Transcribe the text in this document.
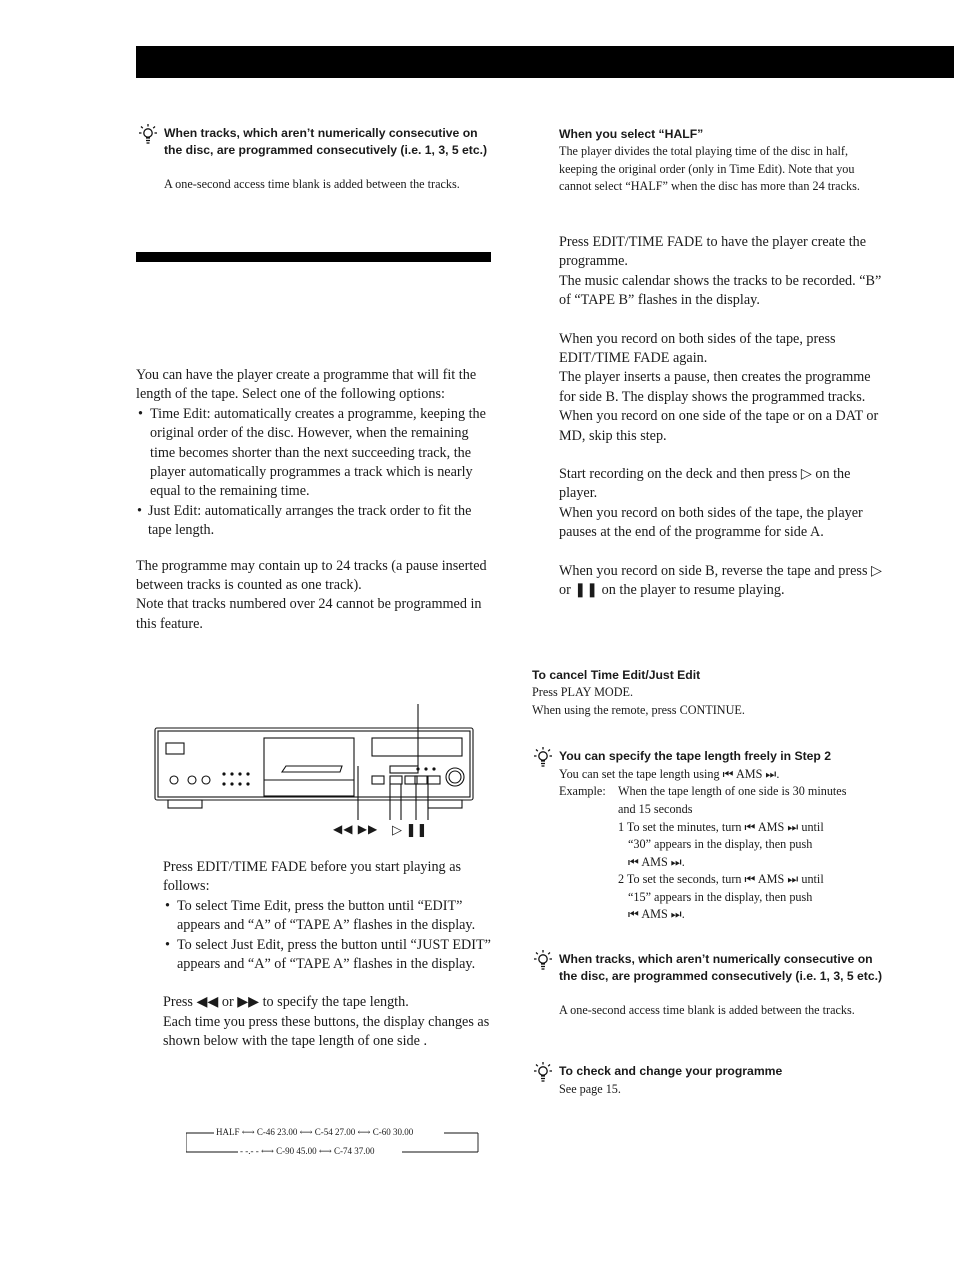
When tracks, which aren’t numerically consecutive on the disc, are programmed consecutively (i.e. 1, 3, 5 etc.)
A one-second access time blank is added between the tracks.

You can have the player create a programme that will fit the length of the tape. Select one of the following options:

• Time Edit: automatically creates a programme, keeping the original order of the disc. However, when the remaining time becomes shorter than the next succeeding track, the player automatically programmes a track which is nearly equal to the remaining time.
• Just Edit: automatically arranges the track order to fit the tape length.

The programme may contain up to 24 tracks (a pause inserted between tracks is counted as one track).

Note that tracks numbered over 24 cannot be programmed in this feature.

◀◀ ▶▶ ▷ ❚❚

Press EDIT/TIME FADE before you start playing as follows:

• To select Time Edit, press the button until “EDIT” appears and “A” of “TAPE A” flashes in the display.
• To select Just Edit, press the button until “JUST EDIT” appears and “A” of “TAPE A” flashes in the display.

Press ◀◀ or ▶▶ to specify the tape length.

Each time you press these buttons, the display changes as shown below with the tape length of one side .

HALF ⟷ C-46 23.00 ⟷ C-54 27.00 ⟷ C-60 30.00
- -.- - ⟷ C-90 45.00 ⟷ C-74 37.00
When you select “HALF”
The player divides the total playing time of the disc in half, keeping the original order (only in Time Edit). Note that you cannot select “HALF” when the disc has more than 24 tracks.

Press EDIT/TIME FADE to have the player create the programme.

The music calendar shows the tracks to be recorded. “B” of “TAPE B” flashes in the display.

When you record on both sides of the tape, press EDIT/TIME FADE again.

The player inserts a pause, then creates the programme for side B. The display shows the programmed tracks.

When you record on one side of the tape or on a DAT or MD, skip this step.

Start recording on the deck and then press ▷ on the player.

When you record on both sides of the tape, the player pauses at the end of the programme for side A.

When you record on side B, reverse the tape and press ▷ or ❚❚ on the player to resume playing.

To cancel Time Edit/Just Edit
Press PLAY MODE.
When using the remote, press CONTINUE.
You can specify the tape length freely in Step 2
You can set the tape length using ⏮ AMS ⏭.
Example: When the tape length of one side is 30 minutes
and 15 seconds
1 To set the minutes, turn ⏮ AMS ⏭ until
“30” appears in the display, then push
⏮ AMS ⏭.
2 To set the seconds, turn ⏮ AMS ⏭ until
“15” appears in the display, then push
⏮ AMS ⏭.
When tracks, which aren’t numerically consecutive on the disc, are programmed consecutively (i.e. 1, 3, 5 etc.)
A one-second access time blank is added between the tracks.
To check and change your programme
See page 15.
